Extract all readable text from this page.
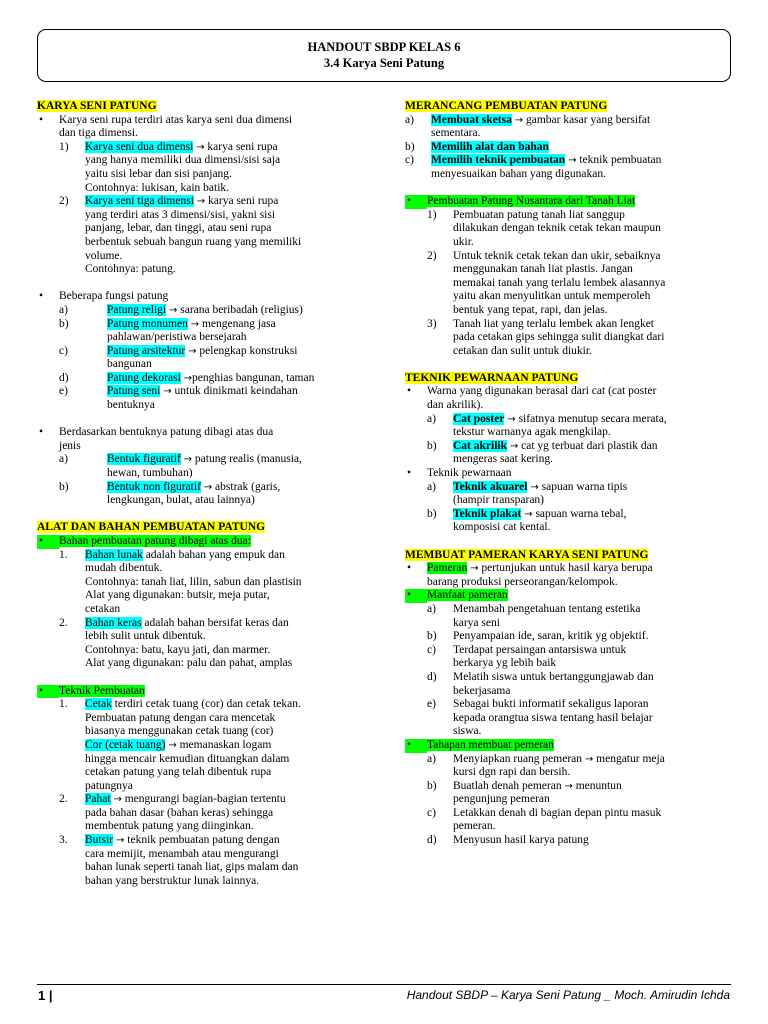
HANDOUT SBDP KELAS 6
3.4 Karya Seni Patung
KARYA SENI PATUNG
•	Karya seni rupa terdiri atas karya seni dua dimensi
dan tiga dimensi.
1)	Karya seni dua dimensi → karya seni rupa
yang hanya memiliki dua dimensi/sisi saja
yaitu sisi lebar dan sisi panjang.
Contohnya: lukisan, kain batik.
2)	Karya seni tiga dimensi → karya seni rupa
yang terdiri atas 3 dimensi/sisi, yakni sisi
panjang, lebar, dan tinggi, atau seni rupa
berbentuk sebuah bangun ruang yang memiliki
volume.
Contohnya: patung.
•	Beberapa fungsi patung
a)	Patung religi → sarana beribadah (religius)
b)	Patung monumen → mengenang jasa
pahlawan/peristiwa bersejarah
c)	Patung arsitektur → pelengkap konstruksi
bangunan
d)	Patung dekorasi →penghias bangunan, taman
e)	Patung seni → untuk dinikmati keindahan
bentuknya
•	Berdasarkan bentuknya patung dibagi atas dua
jenis
a)	Bentuk figuratif → patung realis (manusia,
hewan, tumbuhan)
b)	Bentuk non figuratif → abstrak (garis,
lengkungan, bulat, atau lainnya)
ALAT DAN BAHAN PEMBUATAN PATUNG
•	Bahan pembuatan patung dibagi atas dua:
1.	Bahan lunak adalah bahan yang empuk dan
mudah dibentuk.
Contohnya: tanah liat, lilin, sabun dan plastisin
Alat yang digunakan: butsir, meja putar,
cetakan
2.	Bahan keras adalah bahan bersifat keras dan
lebih sulit untuk dibentuk.
Contohnya: batu, kayu jati, dan marmer.
Alat yang digunakan: palu dan pahat, amplas
•	Teknik Pembuatan
1.	Cetak terdiri cetak tuang (cor) dan cetak tekan.
Pembuatan patung dengan cara mencetak
biasanya menggunakan cetak tuang (cor)
Cor (cetak tuang) → memanaskan logam
hingga mencair kemudian dituangkan dalam
cetakan patung yang telah dibentuk rupa
patungnya
2.	Pahat → mengurangi bagian-bagian tertentu
pada bahan dasar (bahan keras) sehingga
membentuk patung yang diinginkan.
3.	Butsir → teknik pembuatan patung dengan
cara memijit, menambah atau mengurangi
bahan lunak seperti tanah liat, gips malam dan
bahan yang berstruktur lunak lainnya.
MERANCANG PEMBUATAN PATUNG
a)	Membuat sketsa → gambar kasar yang bersifat
sementara.
b)	Memilih alat dan bahan
c)	Memilih teknik pembuatan → teknik pembuatan
menyesuaikan bahan yang digunakan.
•	Pembuatan Patung Nusantara dari Tanah Liat
1)	Pembuatan patung tanah liat sanggup
dilakukan dengan teknik cetak tekan maupun
ukir.
2)	Untuk teknik cetak tekan dan ukir, sebaiknya
menggunakan tanah liat plastis. Jangan
memakai tanah yang terlalu lembek alasannya
yaitu akan menyulitkan untuk memperoleh
bentuk yang tepat, rapi, dan jelas.
3)	Tanah liat yang terlalu lembek akan lengket
pada cetakan gips sehingga sulit diangkat dari
cetakan dan sulit untuk diukir.
TEKNIK PEWARNAAN PATUNG
•	Warna yang digunakan berasal dari cat (cat poster
dan akrilik).
a)	Cat poster → sifatnya menutup secara merata,
tekstur warnanya agak mengkilap.
b)	Cat akrilik → cat yg terbuat dari plastik dan
mengeras saat kering.
•	Teknik pewarnaan
a)	Teknik akuarel → sapuan warna tipis
(hampir transparan)
b)	Teknik plakat → sapuan warna tebal,
komposisi cat kental.
MEMBUAT PAMERAN KARYA SENI PATUNG
•	Pameran → pertunjukan untuk hasil karya berupa
barang produksi perseorangan/kelompok.
•	Manfaat pameran
a)	Menambah pengetahuan tentang estetika
karya seni
b)	Penyampaian ide, saran, kritik yg objektif.
c)	Terdapat persaingan antarsiswa untuk
berkarya yg lebih baik
d)	Melatih siswa untuk bertanggungjawab dan
bekerjasama
e)	Sebagai bukti informatif sekaligus laporan
kepada orangtua siswa tentang hasil belajar
siswa.
•	Tahapan membuat pemeran
a)	Menyiapkan ruang pemeran → mengatur meja
kursi dgn rapi dan bersih.
b)	Buatlah denah pemeran → menuntun
pengunjung pemeran
c)	Letakkan denah di bagian depan pintu masuk
pemeran.
d)	Menyusun hasil karya patung
1 |	Handout SBDP – Karya Seni Patung _ Moch. Amirudin Ichda
